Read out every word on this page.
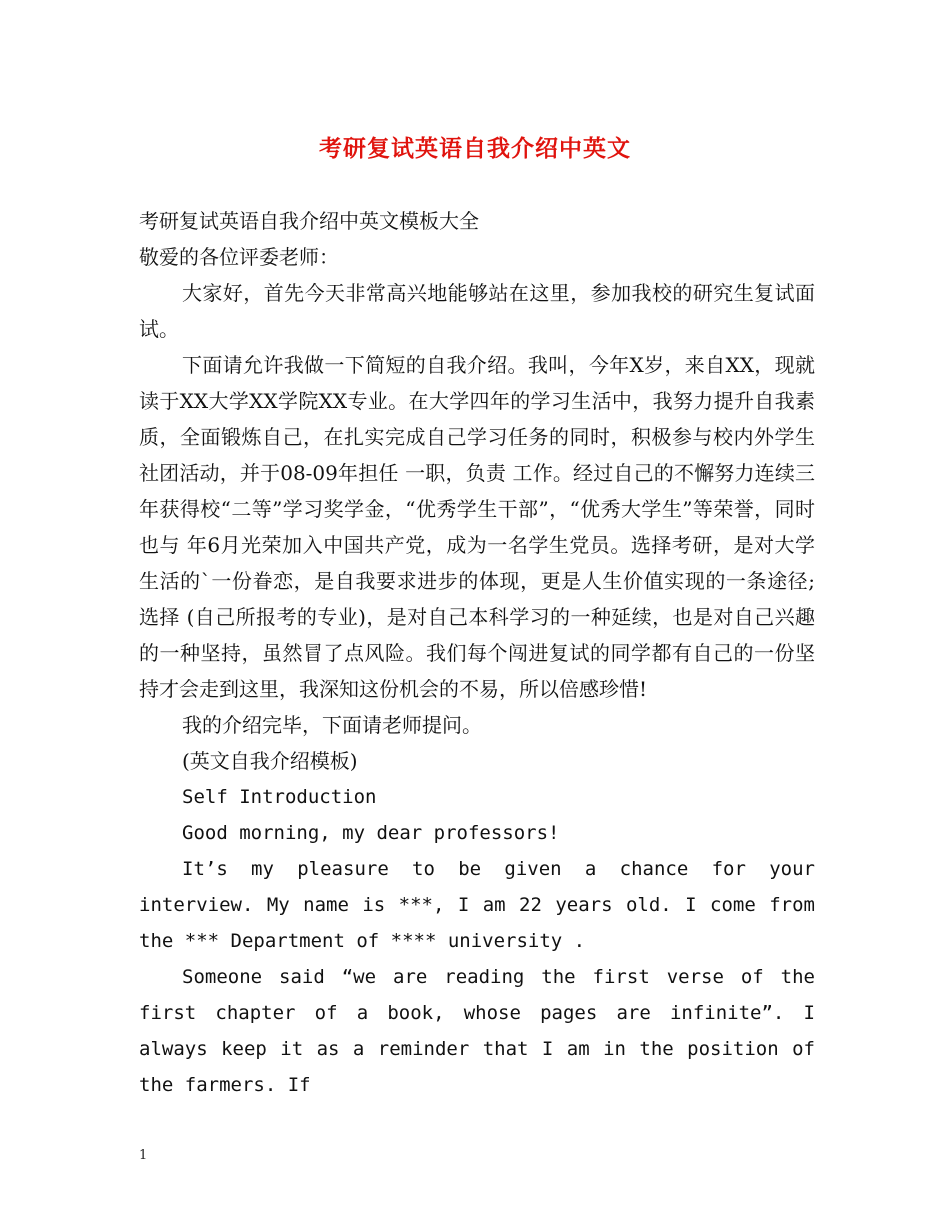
考研复试英语自我介绍中英文

考研复试英语自我介绍中英文模板大全

敬爱的各位评委老师：

大家好，首先今天非常高兴地能够站在这里，参加我校的研究生复试面试。

下面请允许我做一下简短的自我介绍。我叫，今年X岁，来自XX，现就读于XX大学XX学院XX专业。在大学四年的学习生活中，我努力提升自我素质，全面锻炼自己，在扎实完成自己学习任务的同时，积极参与校内外学生社团活动，并于08-09年担任 一职，负责 工作。经过自己的不懈努力连续三年获得校“二等”学习奖学金，“优秀学生干部”，“优秀大学生”等荣誉，同时也与 年6月光荣加入中国共产党，成为一名学生党员。选择考研，是对大学生活的`一份眷恋，是自我要求进步的体现，更是人生价值实现的一条途径;选择 (自己所报考的专业)，是对自己本科学习的一种延续，也是对自己兴趣的一种坚持，虽然冒了点风险。我们每个闯进复试的同学都有自己的一份坚持才会走到这里，我深知这份机会的不易，所以倍感珍惜!

我的介绍完毕，下面请老师提问。

(英文自我介绍模板)

Self Introduction

Good morning, my dear professors!

It’s my pleasure to be given a chance for your interview. My name is ***, I am 22 years old. I come from the *** Department of **** university .

Someone said “we are reading the first verse of the first chapter of a book, whose pages are infinite”. I always keep it as a reminder that I am in the position of the farmers. If

1
